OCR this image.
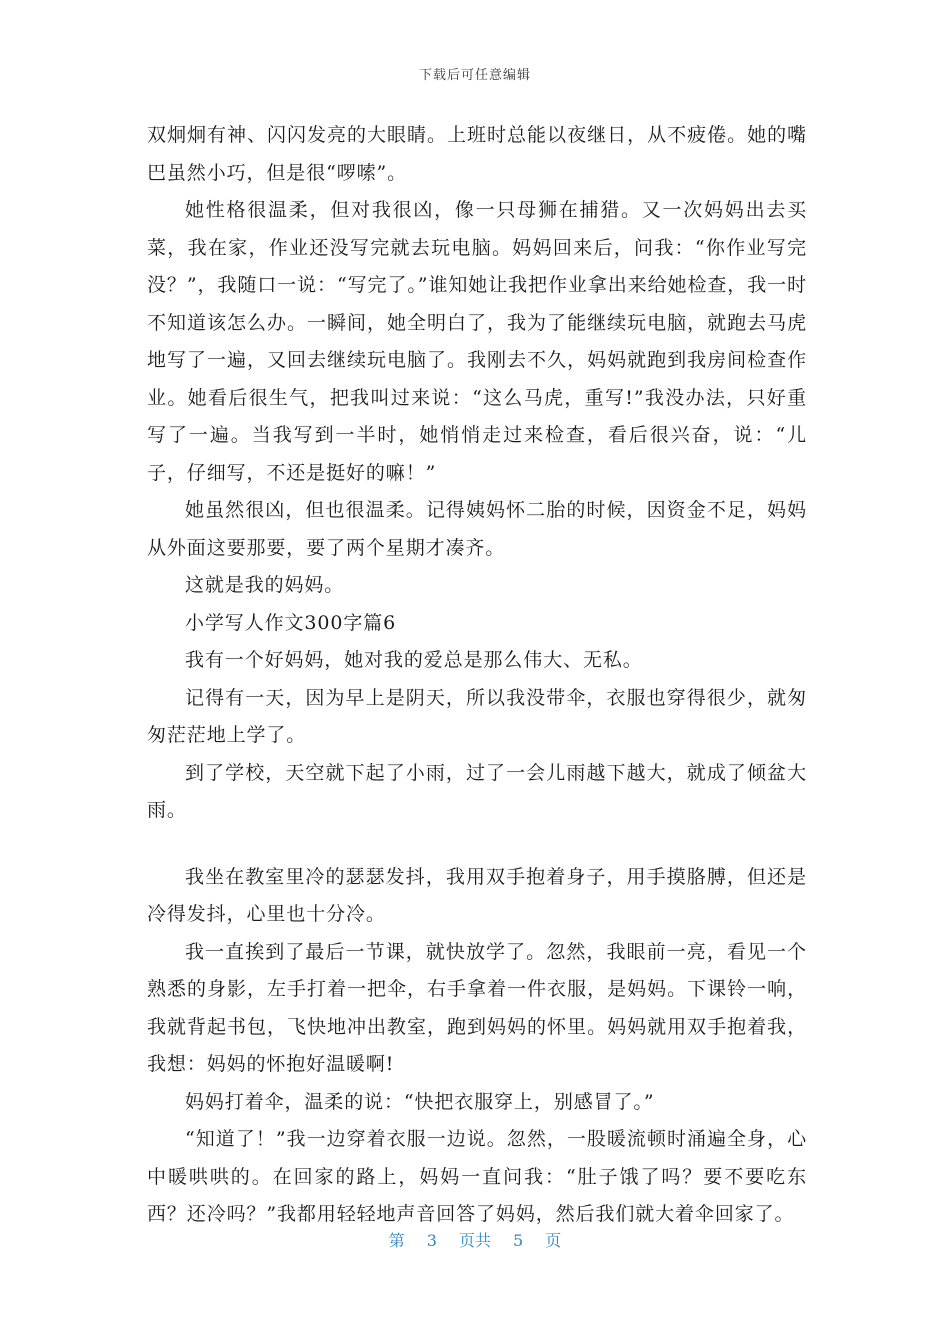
下载后可任意编辑

双炯炯有神、闪闪发亮的大眼睛。上班时总能以夜继日，从不疲倦。她的嘴巴虽然小巧，但是很“啰嗦”。

她性格很温柔，但对我很凶，像一只母狮在捕猎。又一次妈妈出去买菜，我在家，作业还没写完就去玩电脑。妈妈回来后，问我：“你作业写完没？”，我随口一说：“写完了。”谁知她让我把作业拿出来给她检查，我一时不知道该怎么办。一瞬间，她全明白了，我为了能继续玩电脑，就跑去马虎地写了一遍，又回去继续玩电脑了。我刚去不久，妈妈就跑到我房间检查作业。她看后很生气，把我叫过来说：“这么马虎，重写!”我没办法，只好重写了一遍。当我写到一半时，她悄悄走过来检查，看后很兴奋，说：“儿子，仔细写，不还是挺好的嘛！”

她虽然很凶，但也很温柔。记得姨妈怀二胎的时候，因资金不足，妈妈从外面这要那要，要了两个星期才凑齐。

这就是我的妈妈。

小学写人作文300字篇6

我有一个好妈妈，她对我的爱总是那么伟大、无私。

记得有一天，因为早上是阴天，所以我没带伞，衣服也穿得很少，就匆匆茫茫地上学了。

到了学校，天空就下起了小雨，过了一会儿雨越下越大，就成了倾盆大雨。

我坐在教室里冷的瑟瑟发抖，我用双手抱着身子，用手摸胳膊，但还是冷得发抖，心里也十分冷。

我一直挨到了最后一节课，就快放学了。忽然，我眼前一亮，看见一个熟悉的身影，左手打着一把伞，右手拿着一件衣服，是妈妈。下课铃一响，我就背起书包，飞快地冲出教室，跑到妈妈的怀里。妈妈就用双手抱着我，我想：妈妈的怀抱好温暖啊!

妈妈打着伞，温柔的说：“快把衣服穿上，别感冒了。”

“知道了！”我一边穿着衣服一边说。忽然，一股暖流顿时涌遍全身，心中暖哄哄的。在回家的路上，妈妈一直问我：“肚子饿了吗？要不要吃东西？还冷吗？”我都用轻轻地声音回答了妈妈，然后我们就大着伞回家了。

第 3 页共 5 页
